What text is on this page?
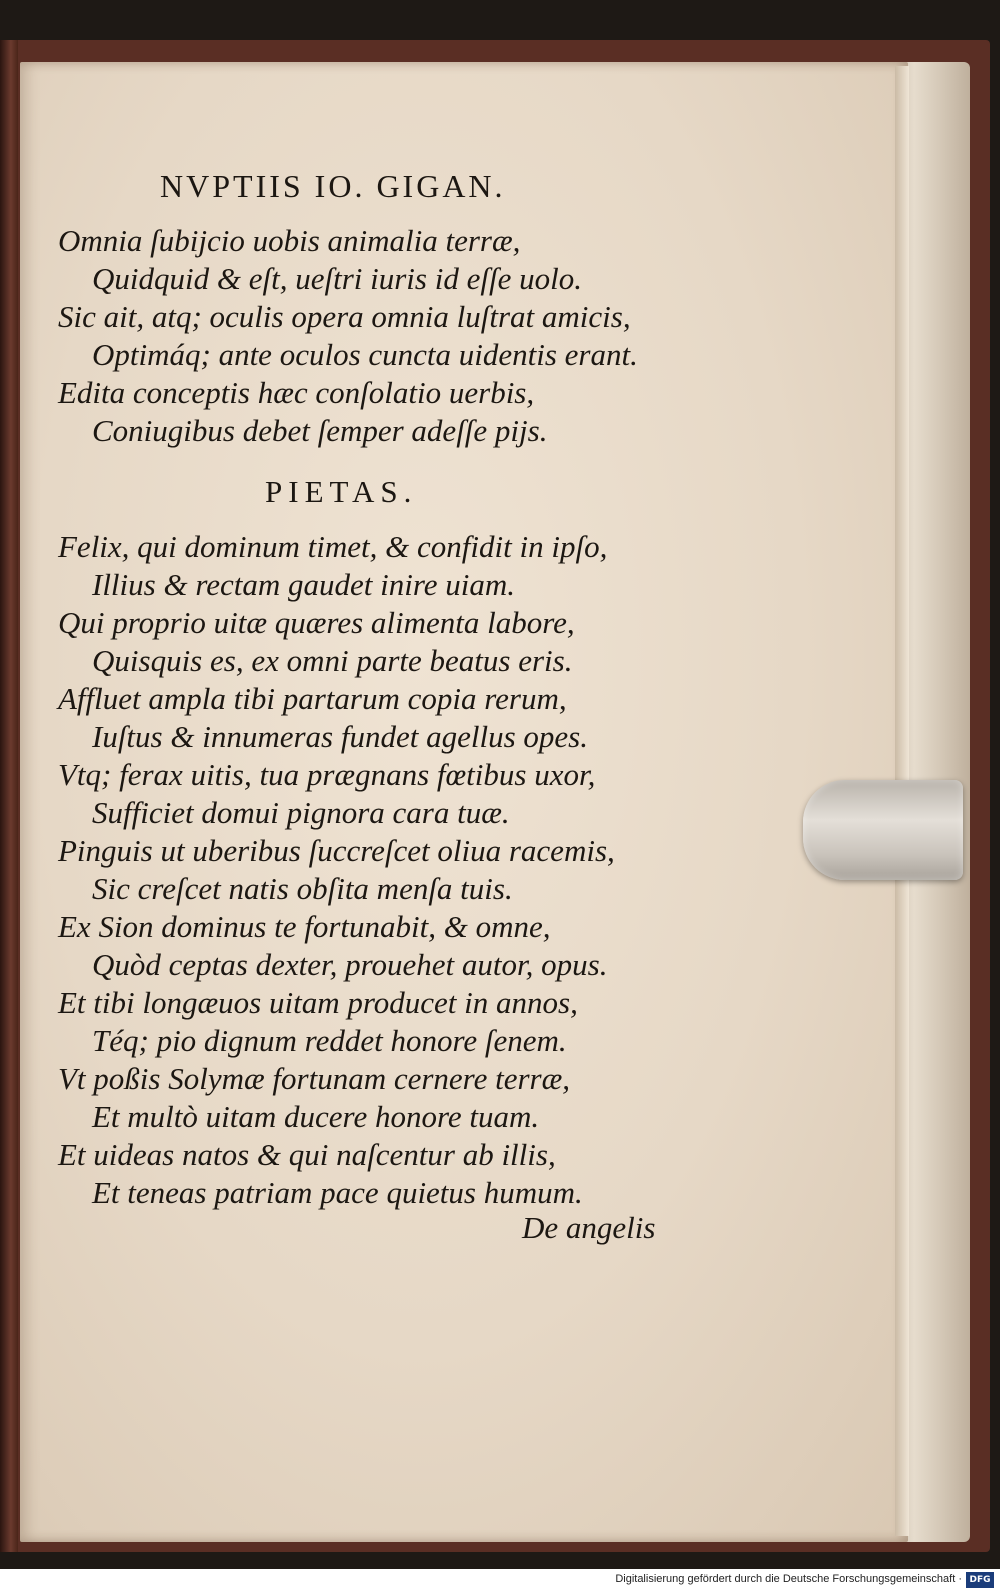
NVPTIIS IO. GIGAN.
Omnia ſubijcio uobis animalia terræ,
Quidquid & eſt, ueſtri iuris id eſſe uolo.
Sic ait, atq; oculis opera omnia luſtrat amicis,
Optimáq; ante oculos cuncta uidentis erant.
Edita conceptis hæc conſolatio uerbis,
Coniugibus debet ſemper adeſſe pijs.
PIETAS.
Felix, qui dominum timet, & confidit in ipſo,
Illius & rectam gaudet inire uiam.
Qui proprio uitæ quæres alimenta labore,
Quisquis es, ex omni parte beatus eris.
Affluet ampla tibi partarum copia rerum,
Iuſtus & innumeras fundet agellus opes.
Vtq; ferax uitis, tua prægnans fœtibus uxor,
Sufficiet domui pignora cara tuæ.
Pinguis ut uberibus ſuccreſcet oliua racemis,
Sic creſcet natis obſita menſa tuis.
Ex Sion dominus te fortunabit, & omne,
Quòd ceptas dexter, prouehet autor, opus.
Et tibi longæuos uitam producet in annos,
Téq; pio dignum reddet honore ſenem.
Vt poßis Solymæ fortunam cernere terræ,
Et multò uitam ducere honore tuam.
Et uideas natos & qui naſcentur ab illis,
Et teneas patriam pace quietus humum.
De angelis
Digitalisierung gefördert durch die Deutsche Forschungsgemeinschaft · DFG
